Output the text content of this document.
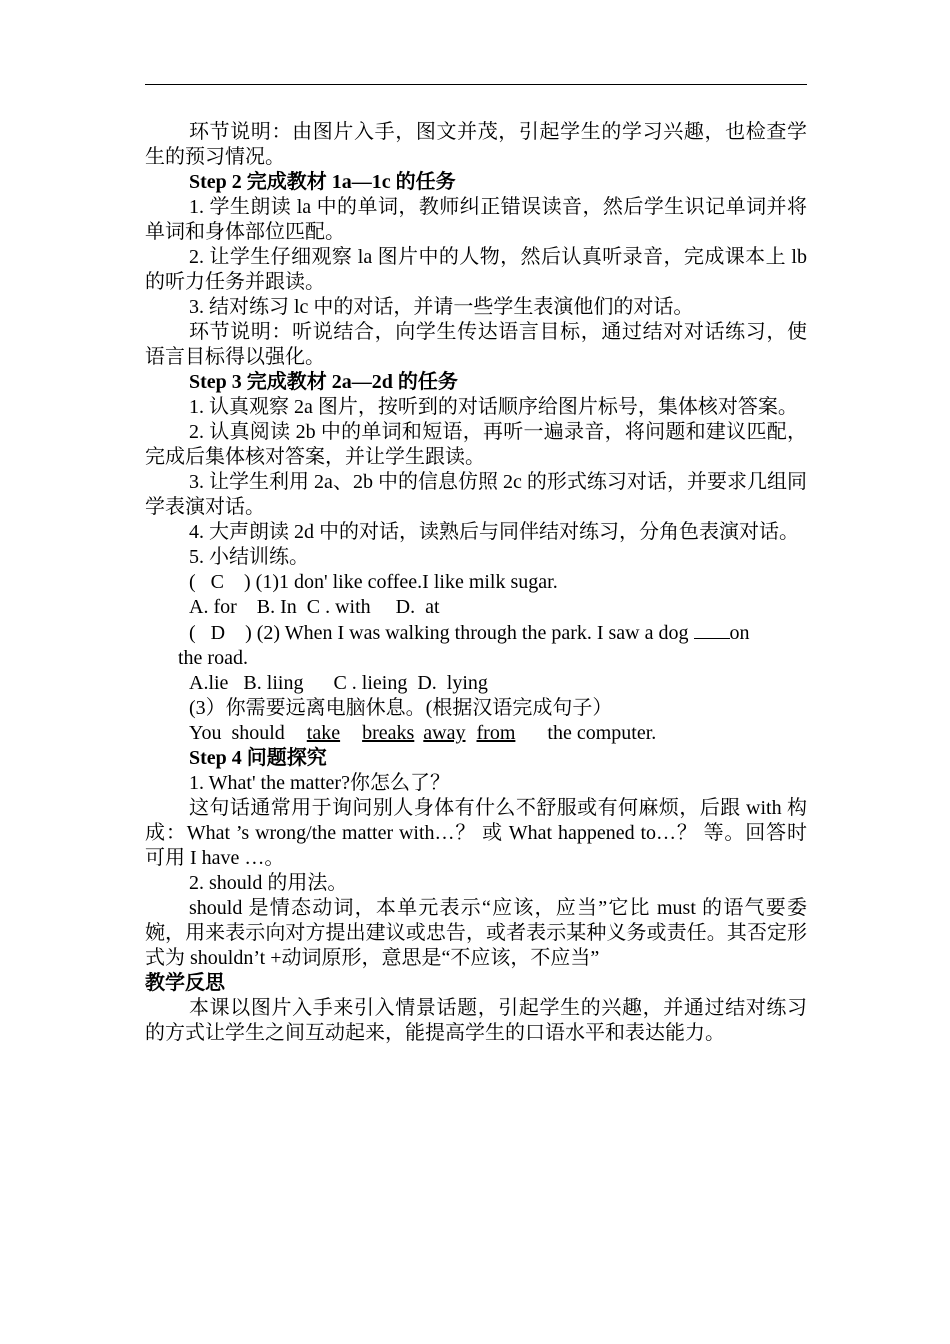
环节说明：由图片入手，图文并茂，引起学生的学习兴趣，也检查学生的预习情况。

Step 2 完成教材 1a—1c 的任务

1. 学生朗读 la 中的单词，教师纠正错误读音，然后学生识记单词并将单词和身体部位匹配。

2. 让学生仔细观察 la 图片中的人物，然后认真听录音，完成课本上 lb 的听力任务并跟读。

3. 结对练习 lc 中的对话，并请一些学生表演他们的对话。

环节说明：听说结合，向学生传达语言目标，通过结对对话练习，使语言目标得以强化。

Step 3 完成教材 2a—2d 的任务

1. 认真观察 2a 图片，按听到的对话顺序给图片标号，集体核对答案。

2. 认真阅读 2b 中的单词和短语，再听一遍录音，将问题和建议匹配，完成后集体核对答案，并让学生跟读。

3. 让学生利用 2a、2b 中的信息仿照 2c 的形式练习对话，并要求几组同学表演对话。

4. 大声朗读 2d 中的对话，读熟后与同伴结对练习，分角色表演对话。

5. 小结训练。

(   C    ) (1)1 don' like coffee.I like milk sugar.

A. for    B. In  C . with     D.  at

(   D    ) (2) When I was walking through the park. I saw a dog on

the road.

A.lie   B. liing      C . lieing  D.  lying

(3）你需要远离电脑休息。(根据汉语完成句子）

You  should take breaks away from the computer.

Step 4 问题探究

1. What' the matter?你怎么了？

这句话通常用于询问别人身体有什么不舒服或有何麻烦，后跟 with 构成：What ’s wrong/the matter with…？ 或 What happened to…？ 等。回答时可用 I have …。

2. should 的用法。

should 是情态动词，本单元表示“应该，应当”它比 must 的语气要委婉，用来表示向对方提出建议或忠告，或者表示某种义务或责任。其否定形式为 shouldn’t +动词原形，意思是“不应该，不应当”

教学反思

本课以图片入手来引入情景话题，引起学生的兴趣，并通过结对练习的方式让学生之间互动起来，能提高学生的口语水平和表达能力。
